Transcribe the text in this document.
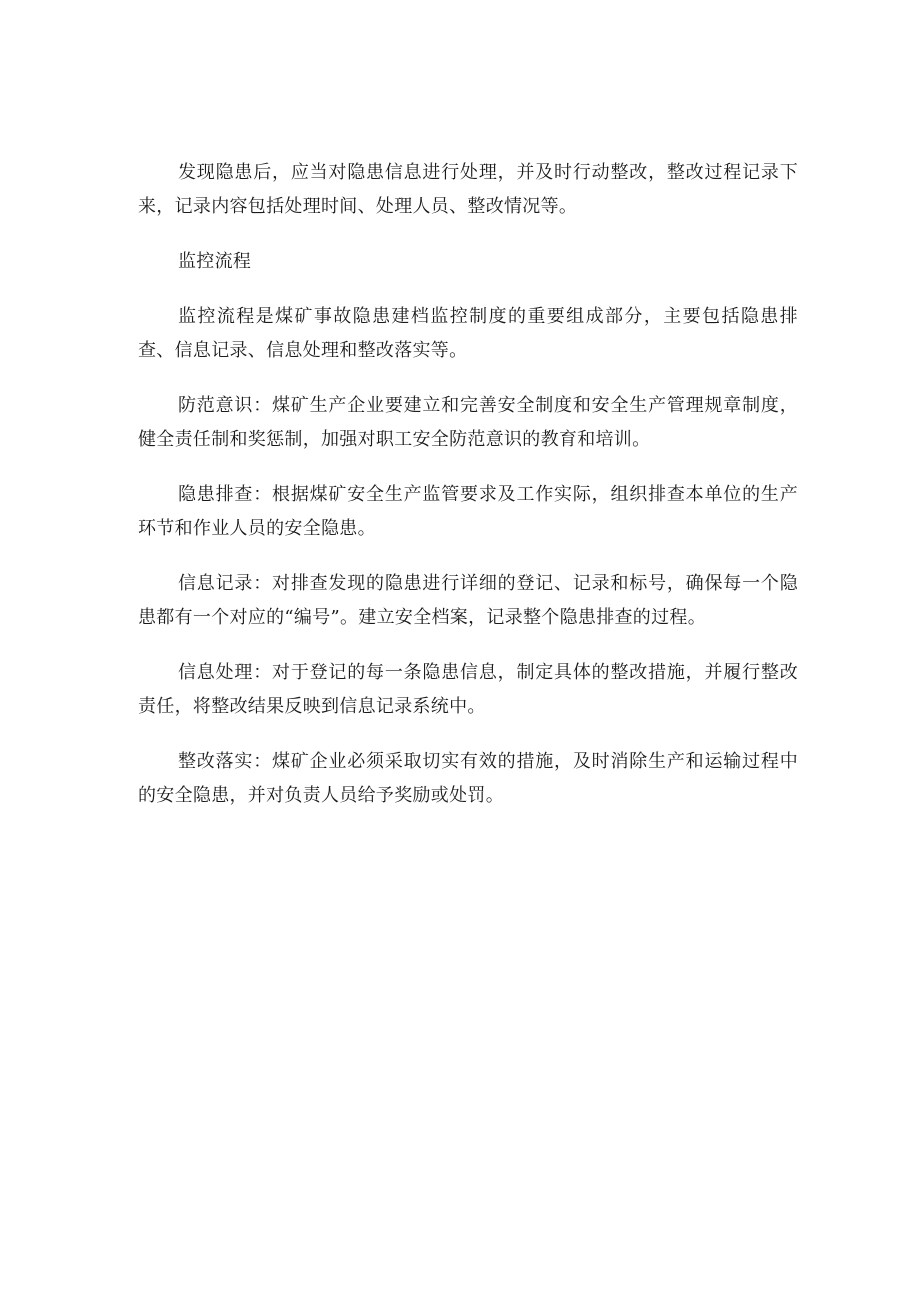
发现隐患后，应当对隐患信息进行处理，并及时行动整改，整改过程记录下来，记录内容包括处理时间、处理人员、整改情况等。

监控流程

监控流程是煤矿事故隐患建档监控制度的重要组成部分，主要包括隐患排查、信息记录、信息处理和整改落实等。

防范意识：煤矿生产企业要建立和完善安全制度和安全生产管理规章制度，健全责任制和奖惩制，加强对职工安全防范意识的教育和培训。

隐患排查：根据煤矿安全生产监管要求及工作实际，组织排查本单位的生产环节和作业人员的安全隐患。

信息记录：对排查发现的隐患进行详细的登记、记录和标号，确保每一个隐患都有一个对应的“编号”。建立安全档案，记录整个隐患排查的过程。

信息处理：对于登记的每一条隐患信息，制定具体的整改措施，并履行整改责任，将整改结果反映到信息记录系统中。

整改落实：煤矿企业必须采取切实有效的措施，及时消除生产和运输过程中的安全隐患，并对负责人员给予奖励或处罚。
